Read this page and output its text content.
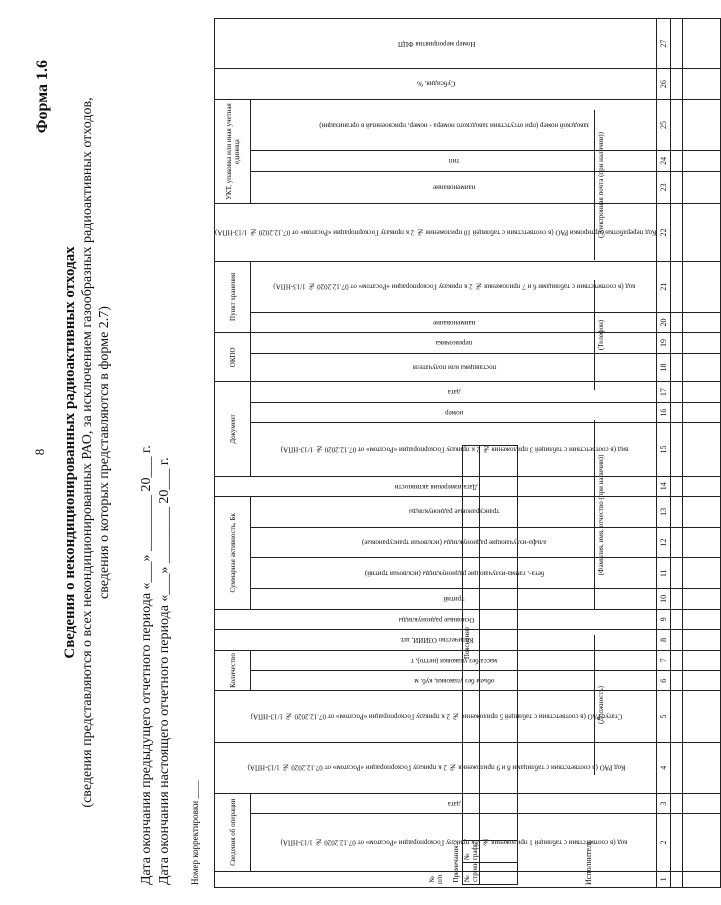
8
Форма 1.6
Сведения о некондиционированных радиоактивных отходах (сведения представляются о всех некондиционированных РАО, за исключением газообразных радиоактивных отходов, сведения о которых представляются в форме 2.7) Дата окончания предыдущего отчетного периода «___» ________ 20___ г. Дата окончания настоящего отчетного периода «___» ________ 20___ г. Номер корректировки ____	№ п/п	Сведения об операции		Код РАО (в соответствии с таблицами 8 и 9 приложения № 2 к приказу Госкорпорации «Росатом» от 07.12.2020 № 1/13-НПА)	Статус РАО (в соответствии с таблицей 5 приложения № 2 к приказу Госкорпорации «Росатом» от 07.12.2020 № 1/13-НПА)	Количество		Количество ОЗИИИ, шт.	Основные радионуклиды	Суммарная активность, Бк				Дата измерения активности	Документ			ОКПО		Пункт хранения		Код переработки/сортировки РАО (в соответствии с таблицей 10 приложения № 2 к приказу Госкорпорации «Росатом» от 07.12.2020 № 1/13-НПА)	УКТ, упаковка или иная учетная единица			Субсидия, %	Номер мероприятия ФЦП
	код (в соответствии с таблицей 1 приложения № 2 к приказу Госкорпорации «Росатом» от 07.12.2020 № 1/13-НПА)	дата			объем без упаковки, куб. м	масса без упаковки (нетто), т			тритий	бета-, гамма-излучающие радионуклиды (исключая тритий)	альфа-излучающие радионуклиды (исключая трансурановые)	трансурановые радионуклиды		вид (в соответствии с таблицей 3 приложения № 2 к приказу Госкорпорации «Росатом» от 07.12.2020 № 1/13-НПА)	номер	дата	поставщика или получателя	перевозчика	наименование	код (в соответствии с таблицами 6 и 7 приложения № 2 к приказу Госкорпорации «Росатом» от 07.12.2020 № 1/13-НПА)		наименование	тип	заводской номер (при отсутствии заводского номера - номер, присвоенный в организации)		

1	2	3	4	5	6	7	8	9	10	11	12	13	14	15	16	17	18	19	20	21	22	23	24	25	26	27

Примечания:		
№ строки	№ графы	Пояснение

Исполнитель
(Должность)
(Фамилия, имя, отчество (при наличии))
(Телефон)
(Электронная почта (при наличии))
